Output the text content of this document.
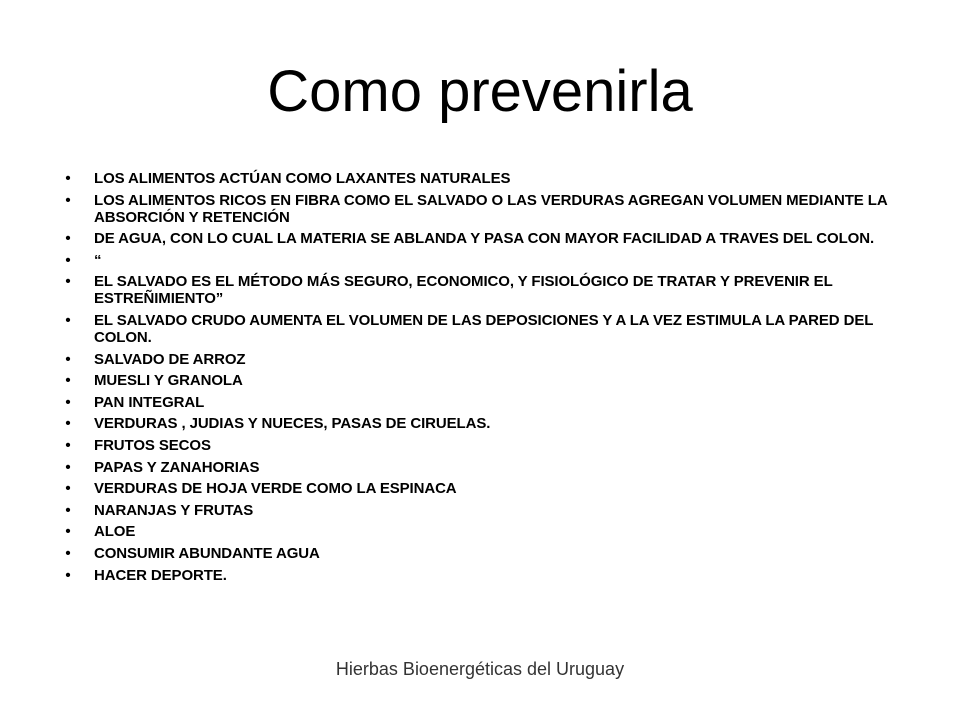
Como prevenirla
• LOS ALIMENTOS ACTÚAN COMO LAXANTES NATURALES
• LOS ALIMENTOS RICOS EN FIBRA COMO EL SALVADO O LAS VERDURAS AGREGAN VOLUMEN MEDIANTE LA ABSORCIÓN Y RETENCIÓN
• DE AGUA, CON LO CUAL LA MATERIA SE ABLANDA Y PASA CON MAYOR FACILIDAD A TRAVES DEL COLON.
• “
• EL SALVADO ES EL MÉTODO MÁS SEGURO, ECONOMICO, Y FISIOLÓGICO DE TRATAR Y PREVENIR EL ESTREÑIMIENTO”
• EL SALVADO CRUDO AUMENTA EL VOLUMEN DE LAS DEPOSICIONES Y A LA VEZ ESTIMULA LA PARED DEL COLON.
• SALVADO DE ARROZ
• MUESLI Y GRANOLA
• PAN INTEGRAL
• VERDURAS , JUDIAS Y NUECES, PASAS DE CIRUELAS.
• FRUTOS SECOS
• PAPAS Y ZANAHORIAS
• VERDURAS DE HOJA VERDE COMO LA ESPINACA
• NARANJAS Y FRUTAS
• ALOE
• CONSUMIR ABUNDANTE AGUA
• HACER DEPORTE.
Hierbas Bioenergéticas del Uruguay
